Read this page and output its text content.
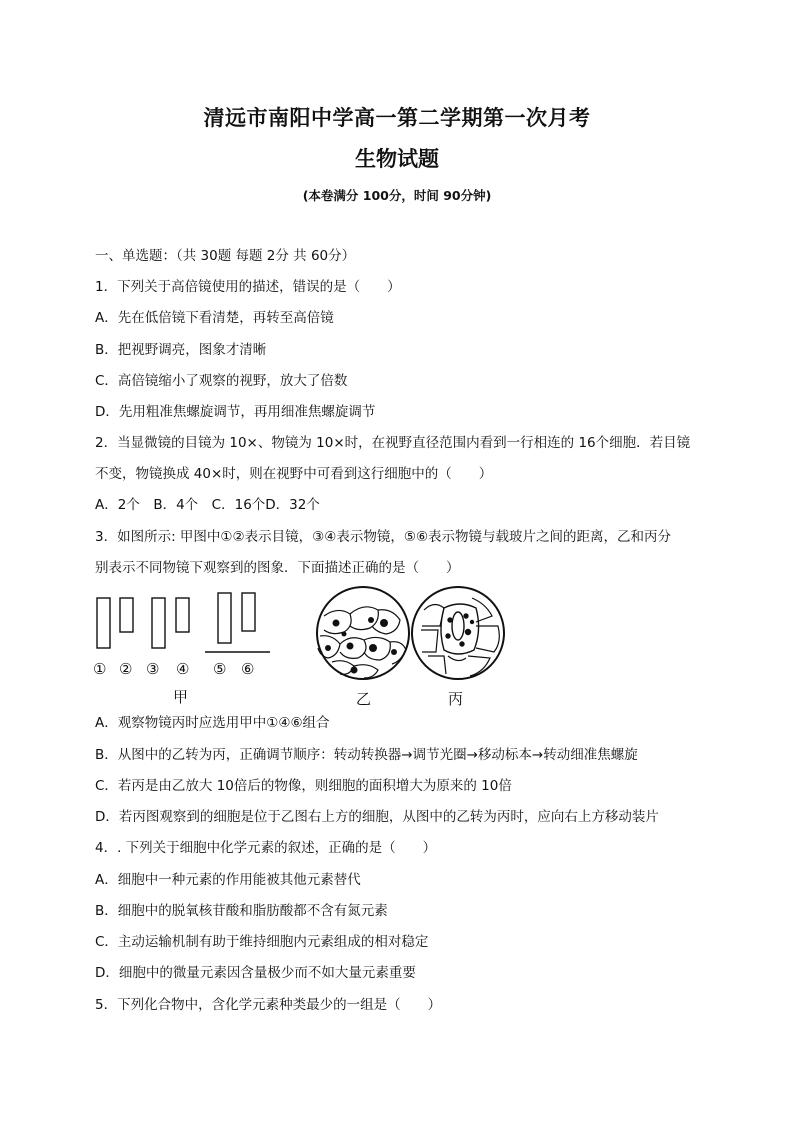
清远市南阳中学高一第二学期第一次月考
生物试题
(本卷满分 100分，时间 90分钟)
一、单选题：（共 30题 每题 2分 共 60分）
1．下列关于高倍镜使用的描述，错误的是（　　）
A．先在低倍镜下看清楚，再转至高倍镜
B．把视野调亮，图象才清晰
C．高倍镜缩小了观察的视野，放大了倍数
D．先用粗准焦螺旋调节，再用细准焦螺旋调节
2．当显微镜的目镜为 10×、物镜为 10×时，在视野直径范围内看到一行相连的 16个细胞．若目镜
不变，物镜换成 40×时，则在视野中可看到这行细胞中的（　　）
A．2个　B．4个　C．16个D．32个
3．如图所示: 甲图中①②表示目镜，③④表示物镜，⑤⑥表示物镜与载玻片之间的距离，乙和丙分
别表示不同物镜下观察到的图象．下面描述正确的是（　　）
① ② ③ ④ ⑤ ⑥
甲	乙	丙
A．观察物镜丙时应选用甲中①④⑥组合
B．从图中的乙转为丙，正确调节顺序：转动转换器→调节光圈→移动标本→转动细准焦螺旋
C．若丙是由乙放大 10倍后的物像，则细胞的面积增大为原来的 10倍
D．若丙图观察到的细胞是位于乙图右上方的细胞，从图中的乙转为丙时，应向右上方移动装片
4．. 下列关于细胞中化学元素的叙述，正确的是（　　）
A．细胞中一种元素的作用能被其他元素替代
B．细胞中的脱氧核苷酸和脂肪酸都不含有氮元素
C．主动运输机制有助于维持细胞内元素组成的相对稳定
D．细胞中的微量元素因含量极少而不如大量元素重要
5．下列化合物中，含化学元素种类最少的一组是（　　）
